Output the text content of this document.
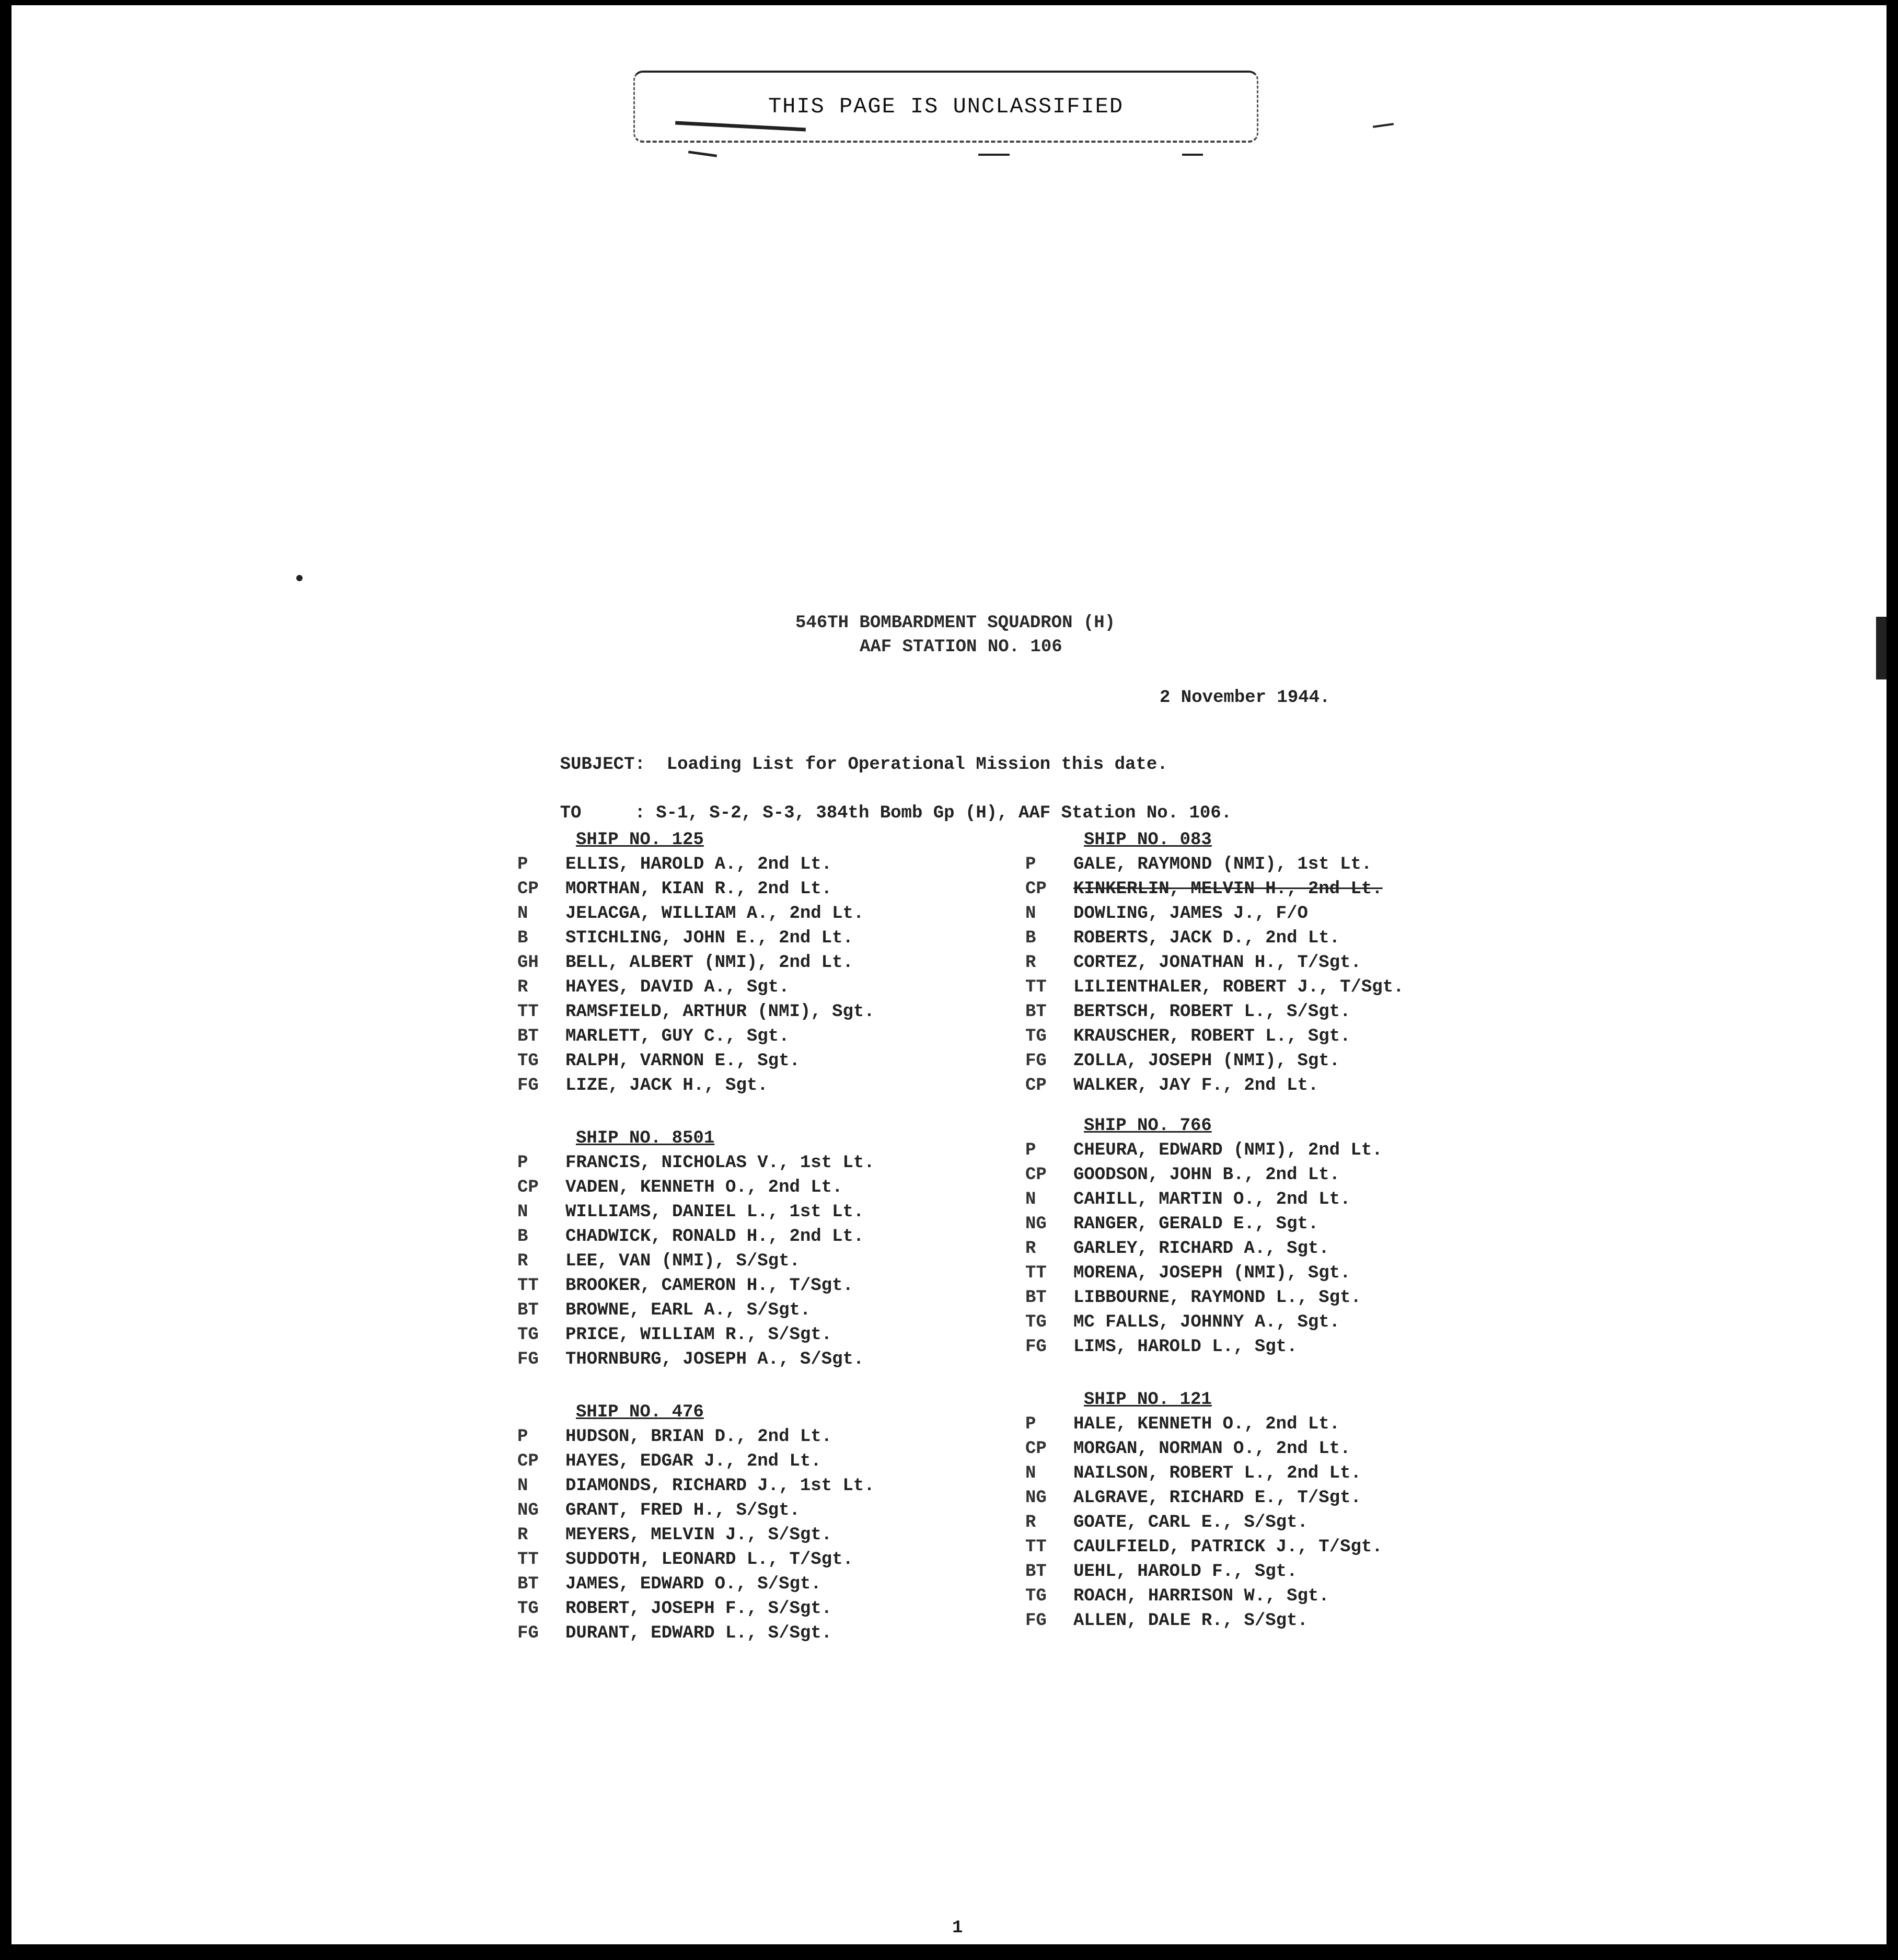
THIS PAGE IS UNCLASSIFIED
546TH BOMBARDMENT SQUADRON (H)
AAF STATION NO. 106
2 November 1944.

SUBJECT: Loading List for Operational Mission this date.

TO	: S-1, S-2, S-3, 384th Bomb Gp (H), AAF Station No. 106.

SHIP NO. 125
P	ELLIS, HAROLD A., 2nd Lt.
CP	MORTHAN, KIAN R., 2nd Lt.
N	JELACGA, WILLIAM A., 2nd Lt.
B	STICHLING, JOHN E., 2nd Lt.
GH	BELL, ALBERT (NMI), 2nd Lt.
R	HAYES, DAVID A., Sgt.
TT	RAMSFIELD, ARTHUR (NMI), Sgt.
BT	MARLETT, GUY C., Sgt.
TG	RALPH, VARNON E., Sgt.
FG	LIZE, JACK H., Sgt.
SHIP NO. 8501
P	FRANCIS, NICHOLAS V., 1st Lt.
CP	VADEN, KENNETH O., 2nd Lt.
N	WILLIAMS, DANIEL L., 1st Lt.
B	CHADWICK, RONALD H., 2nd Lt.
R	LEE, VAN (NMI), S/Sgt.
TT	BROOKER, CAMERON H., T/Sgt.
BT	BROWNE, EARL A., S/Sgt.
TG	PRICE, WILLIAM R., S/Sgt.
FG	THORNBURG, JOSEPH A., S/Sgt.
SHIP NO. 476
P	HUDSON, BRIAN D., 2nd Lt.
CP	HAYES, EDGAR J., 2nd Lt.
N	DIAMONDS, RICHARD J., 1st Lt.
NG	GRANT, FRED H., S/Sgt.
R	MEYERS, MELVIN J., S/Sgt.
TT	SUDDOTH, LEONARD L., T/Sgt.
BT	JAMES, EDWARD O., S/Sgt.
TG	ROBERT, JOSEPH F., S/Sgt.
FG	DURANT, EDWARD L., S/Sgt.
SHIP NO. 083
P	GALE, RAYMOND (NMI), 1st Lt.
CP	KINKERLIN, MELVIN H., 2nd Lt.
N	DOWLING, JAMES J., F/O
B	ROBERTS, JACK D., 2nd Lt.
R	CORTEZ, JONATHAN H., T/Sgt.
TT	LILIENTHALER, ROBERT J., T/Sgt.
BT	BERTSCH, ROBERT L., S/Sgt.
TG	KRAUSCHER, ROBERT L., Sgt.
FG	ZOLLA, JOSEPH (NMI), Sgt.
CP	WALKER, JAY F., 2nd Lt.
SHIP NO. 766
P	CHEURA, EDWARD (NMI), 2nd Lt.
CP	GOODSON, JOHN B., 2nd Lt.
N	CAHILL, MARTIN O., 2nd Lt.
NG	RANGER, GERALD E., Sgt.
R	GARLEY, RICHARD A., Sgt.
TT	MORENA, JOSEPH (NMI), Sgt.
BT	LIBBOURNE, RAYMOND L., Sgt.
TG	MC FALLS, JOHNNY A., Sgt.
FG	LIMS, HAROLD L., Sgt.
SHIP NO. 121
P	HALE, KENNETH O., 2nd Lt.
CP	MORGAN, NORMAN O., 2nd Lt.
N	NAILSON, ROBERT L., 2nd Lt.
NG	ALGRAVE, RICHARD E., T/Sgt.
R	GOATE, CARL E., S/Sgt.
TT	CAULFIELD, PATRICK J., T/Sgt.
BT	UEHL, HAROLD F., Sgt.
TG	ROACH, HARRISON W., Sgt.
FG	ALLEN, DALE R., S/Sgt.
1
